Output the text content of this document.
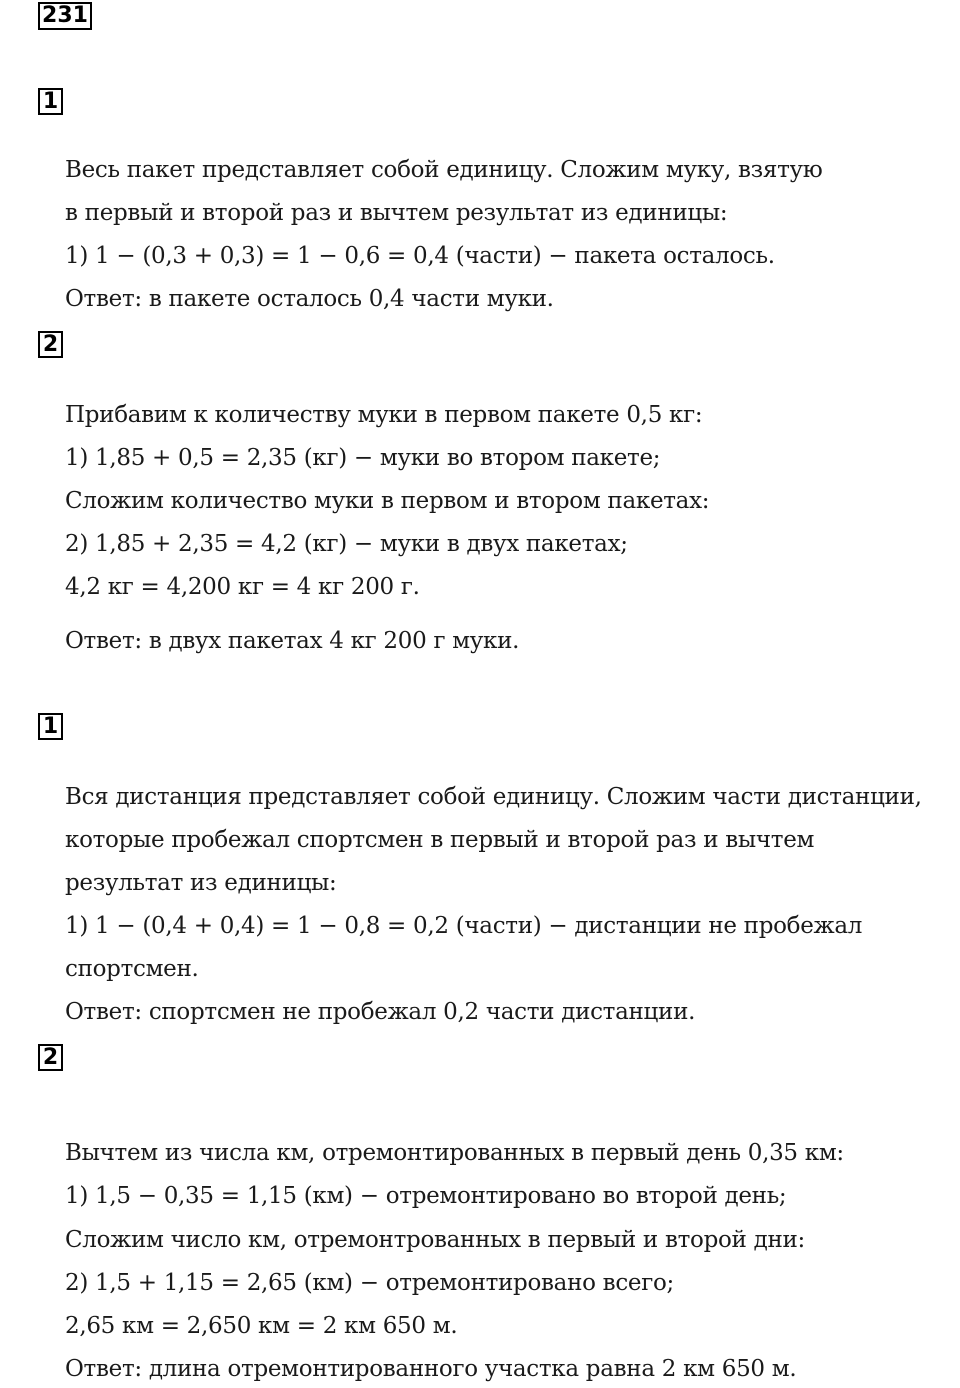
231
1
Весь пакет представляет собой единицу. Сложим муку, взятую
в первый и второй раз и вычтем результат из единицы:
1) 1 − (0,3 + 0,3) = 1 − 0,6 = 0,4 (части) − пакета осталось.
Ответ: в пакете осталось 0,4 части муки.
2
Прибавим к количеству муки в первом пакете 0,5 кг:
1) 1,85 + 0,5 = 2,35 (кг) − муки во втором пакете;
Сложим количество муки в первом и втором пакетах:
2) 1,85 + 2,35 = 4,2 (кг) − муки в двух пакетах;
4,2 кг = 4,200 кг = 4 кг 200 г.
Ответ: в двух пакетах 4 кг 200 г муки.
1
Вся дистанция представляет собой единицу. Сложим части дистанции,
которые пробежал спортсмен в первый и второй раз и вычтем
результат из единицы:
1) 1 − (0,4 + 0,4) = 1 − 0,8 = 0,2 (части) − дистанции не пробежал
спортсмен.
Ответ: спортсмен не пробежал 0,2 части дистанции.
2
Вычтем из числа км, отремонтированных в первый день 0,35 км:
1) 1,5 − 0,35 = 1,15 (км) − отремонтировано во второй день;
Сложим число км, отремонтрованных в первый и второй дни:
2) 1,5 + 1,15 = 2,65 (км) − отремонтировано всего;
2,65 км = 2,650 км = 2 км 650 м.
Ответ: длина отремонтированного участка равна 2 км 650 м.
